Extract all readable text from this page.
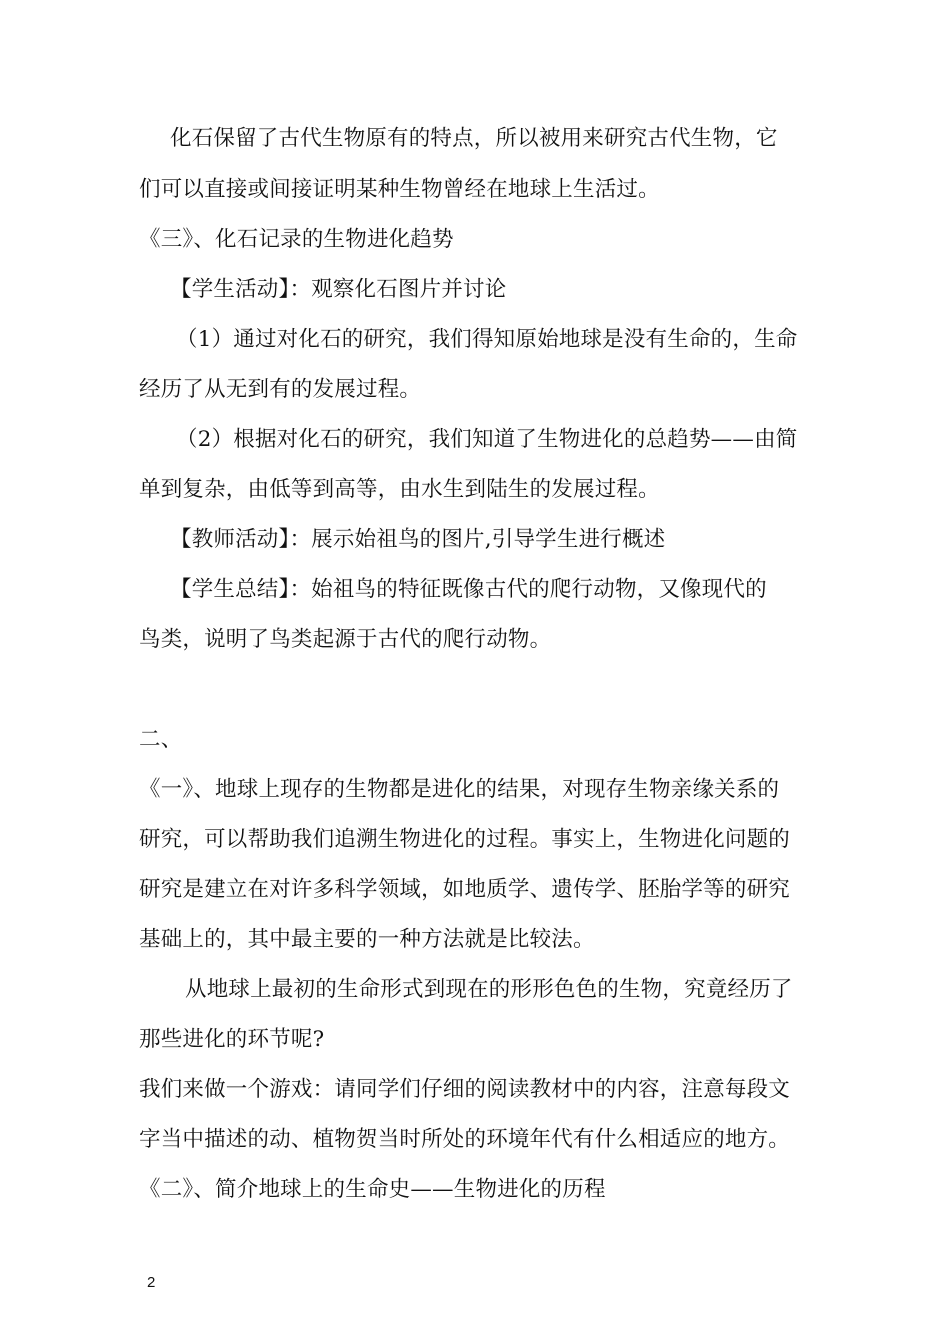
化石保留了古代生物原有的特点，所以被用来研究古代生物，它
们可以直接或间接证明某种生物曾经在地球上生活过。
《三》、化石记录的生物进化趋势
【学生活动】：观察化石图片并讨论
（1）通过对化石的研究，我们得知原始地球是没有生命的，生命
经历了从无到有的发展过程。
（2）根据对化石的研究，我们知道了生物进化的总趋势——由简
单到复杂，由低等到高等，由水生到陆生的发展过程。
【教师活动】：展示始祖鸟的图片,引导学生进行概述
【学生总结】：始祖鸟的特征既像古代的爬行动物，又像现代的
鸟类，说明了鸟类起源于古代的爬行动物。
二、
《一》、地球上现存的生物都是进化的结果，对现存生物亲缘关系的
研究，可以帮助我们追溯生物进化的过程。事实上，生物进化问题的
研究是建立在对许多科学领域，如地质学、遗传学、胚胎学等的研究
基础上的，其中最主要的一种方法就是比较法。
从地球上最初的生命形式到现在的形形色色的生物，究竟经历了
那些进化的环节呢?
我们来做一个游戏：请同学们仔细的阅读教材中的内容，注意每段文
字当中描述的动、植物贺当时所处的环境年代有什么相适应的地方。
《二》、简介地球上的生命史——生物进化的历程
2
